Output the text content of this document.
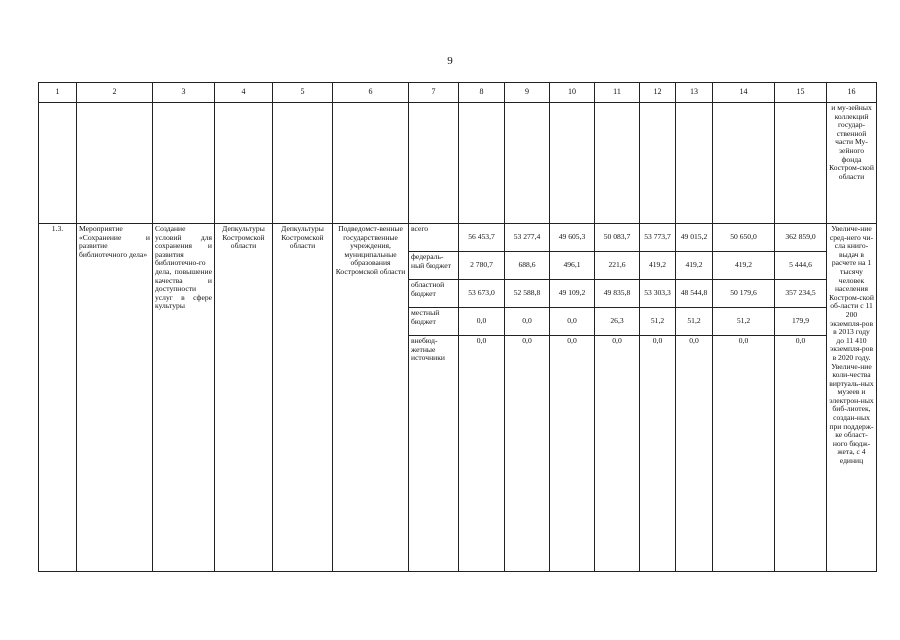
9
1	2	3	4	5	6	7	8	9	10	11	12	13	14	15	16
															и му-зейных коллекций государ-ственной части Му-зейного фонда Костром-ской области
1.3.	Мероприятие «Сохранение и развитие библиотечного дела»	Создание условий для сохранения и развития библиотечно-го дела, повышение качества и доступности услуг в сфере культуры	Депкультуры Костромской области	Депкультуры Костромской области	Подведомст-венные государственные учреждения, муниципальные образования Костромской области	всего	56 453,7	53 277,4	49 605,3	50 083,7	53 773,7	49 015,2	50 650,0	362 859,0	Увеличе-ние сред-него чи-сла книго-выдач в расчете на 1 тысячу человек населения Костром-ской об-ласти с 11 200 экземпля-ров в 2013 году до 11 410 экземпля-ров в 2020 году. Увеличе-ние коли-чества виртуаль-ных музеев и электрон-ных биб-лиотек, создан-ных при поддерж-ке област-ного бюдж-жета, с 4 единиц
						федераль-ный бюджет	2 780,7	688,6	496,1	221,6	419,2	419,2	419,2	5 444,6	
						областной бюджет	53 673,0	52 588,8	49 109,2	49 835,8	53 303,3	48 544,8	50 179,6	357 234,5	
						местный бюджет	0,0	0,0	0,0	26,3	51,2	51,2	51,2	179,9	
						внебюд-жетные источники	0,0	0,0	0,0	0,0	0,0	0,0	0,0	0,0	
